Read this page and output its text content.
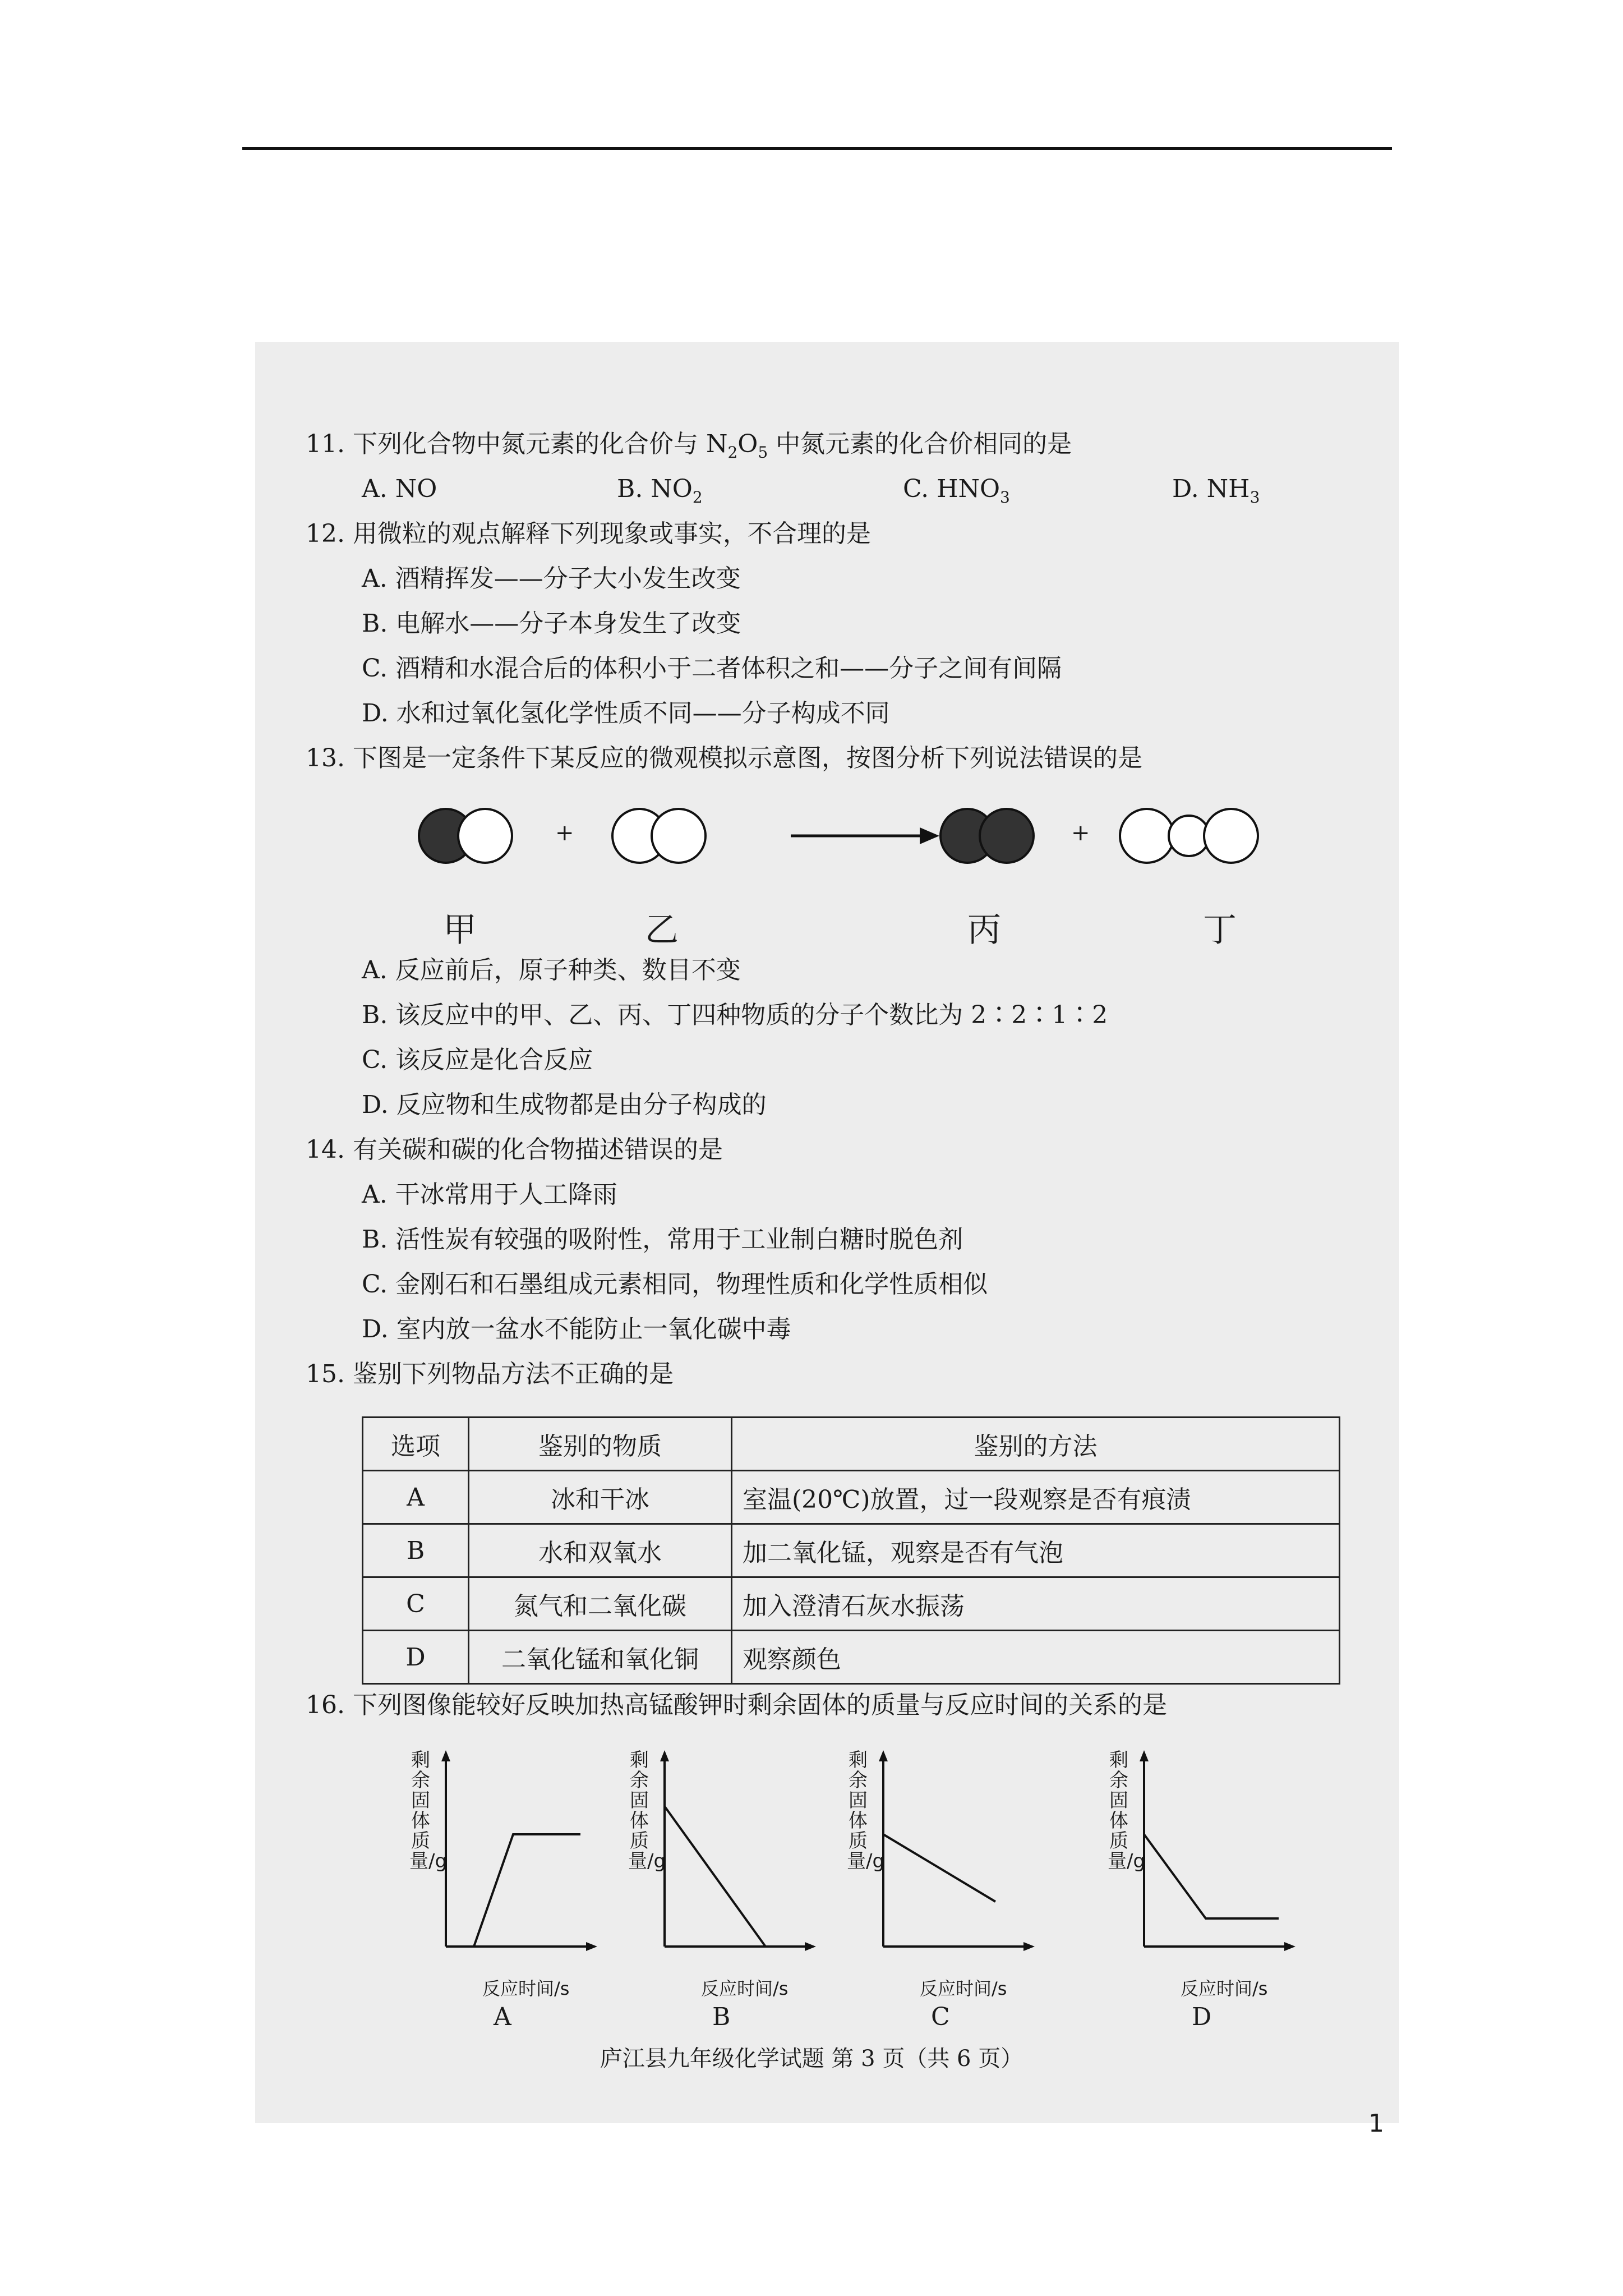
11. 下列化合物中氮元素的化合价与 $N_2O_5$ 中氮元素的化合价相同的是
A. NO	B. $NO_2$	C. $HNO_3$	D. $NH_3$
12. 用微粒的观点解释下列现象或事实，不合理的是
A. 酒精挥发——分子大小发生改变
B. 电解水——分子本身发生了改变
C. 酒精和水混合后的体积小于二者体积之和——分子之间有间隔
D. 水和过氧化氢化学性质不同——分子构成不同
13. 下图是一定条件下某反应的微观模拟示意图，按图分析下列说法错误的是
+	+
甲	乙	丙	丁
A. 反应前后，原子种类、数目不变
B. 该反应中的甲、乙、丙、丁四种物质的分子个数比为 2∶2∶1∶2
C. 该反应是化合反应
D. 反应物和生成物都是由分子构成的
14. 有关碳和碳的化合物描述错误的是
A. 干冰常用于人工降雨
B. 活性炭有较强的吸附性，常用于工业制白糖时脱色剂
C. 金刚石和石墨组成元素相同，物理性质和化学性质相似
D. 室内放一盆水不能防止一氧化碳中毒
15. 鉴别下列物品方法不正确的是
选项	鉴别的物质	鉴别的方法
A	冰和干冰	室温(20℃)放置，过一段观察是否有痕渍
B	水和双氧水	加二氧化锰，观察是否有气泡
C	氮气和二氧化碳	加入澄清石灰水振荡
D	二氧化锰和氧化铜	观察颜色
16. 下列图像能较好反映加热高锰酸钾时剩余固体的质量与反应时间的关系的是
剩余固体质量/g
反应时间/s
A
剩余固体质量/g
反应时间/s
B
剩余固体质量/g
反应时间/s
C
剩余固体质量/g
反应时间/s
D
庐江县九年级化学试题 第 3 页（共 6 页）
1
